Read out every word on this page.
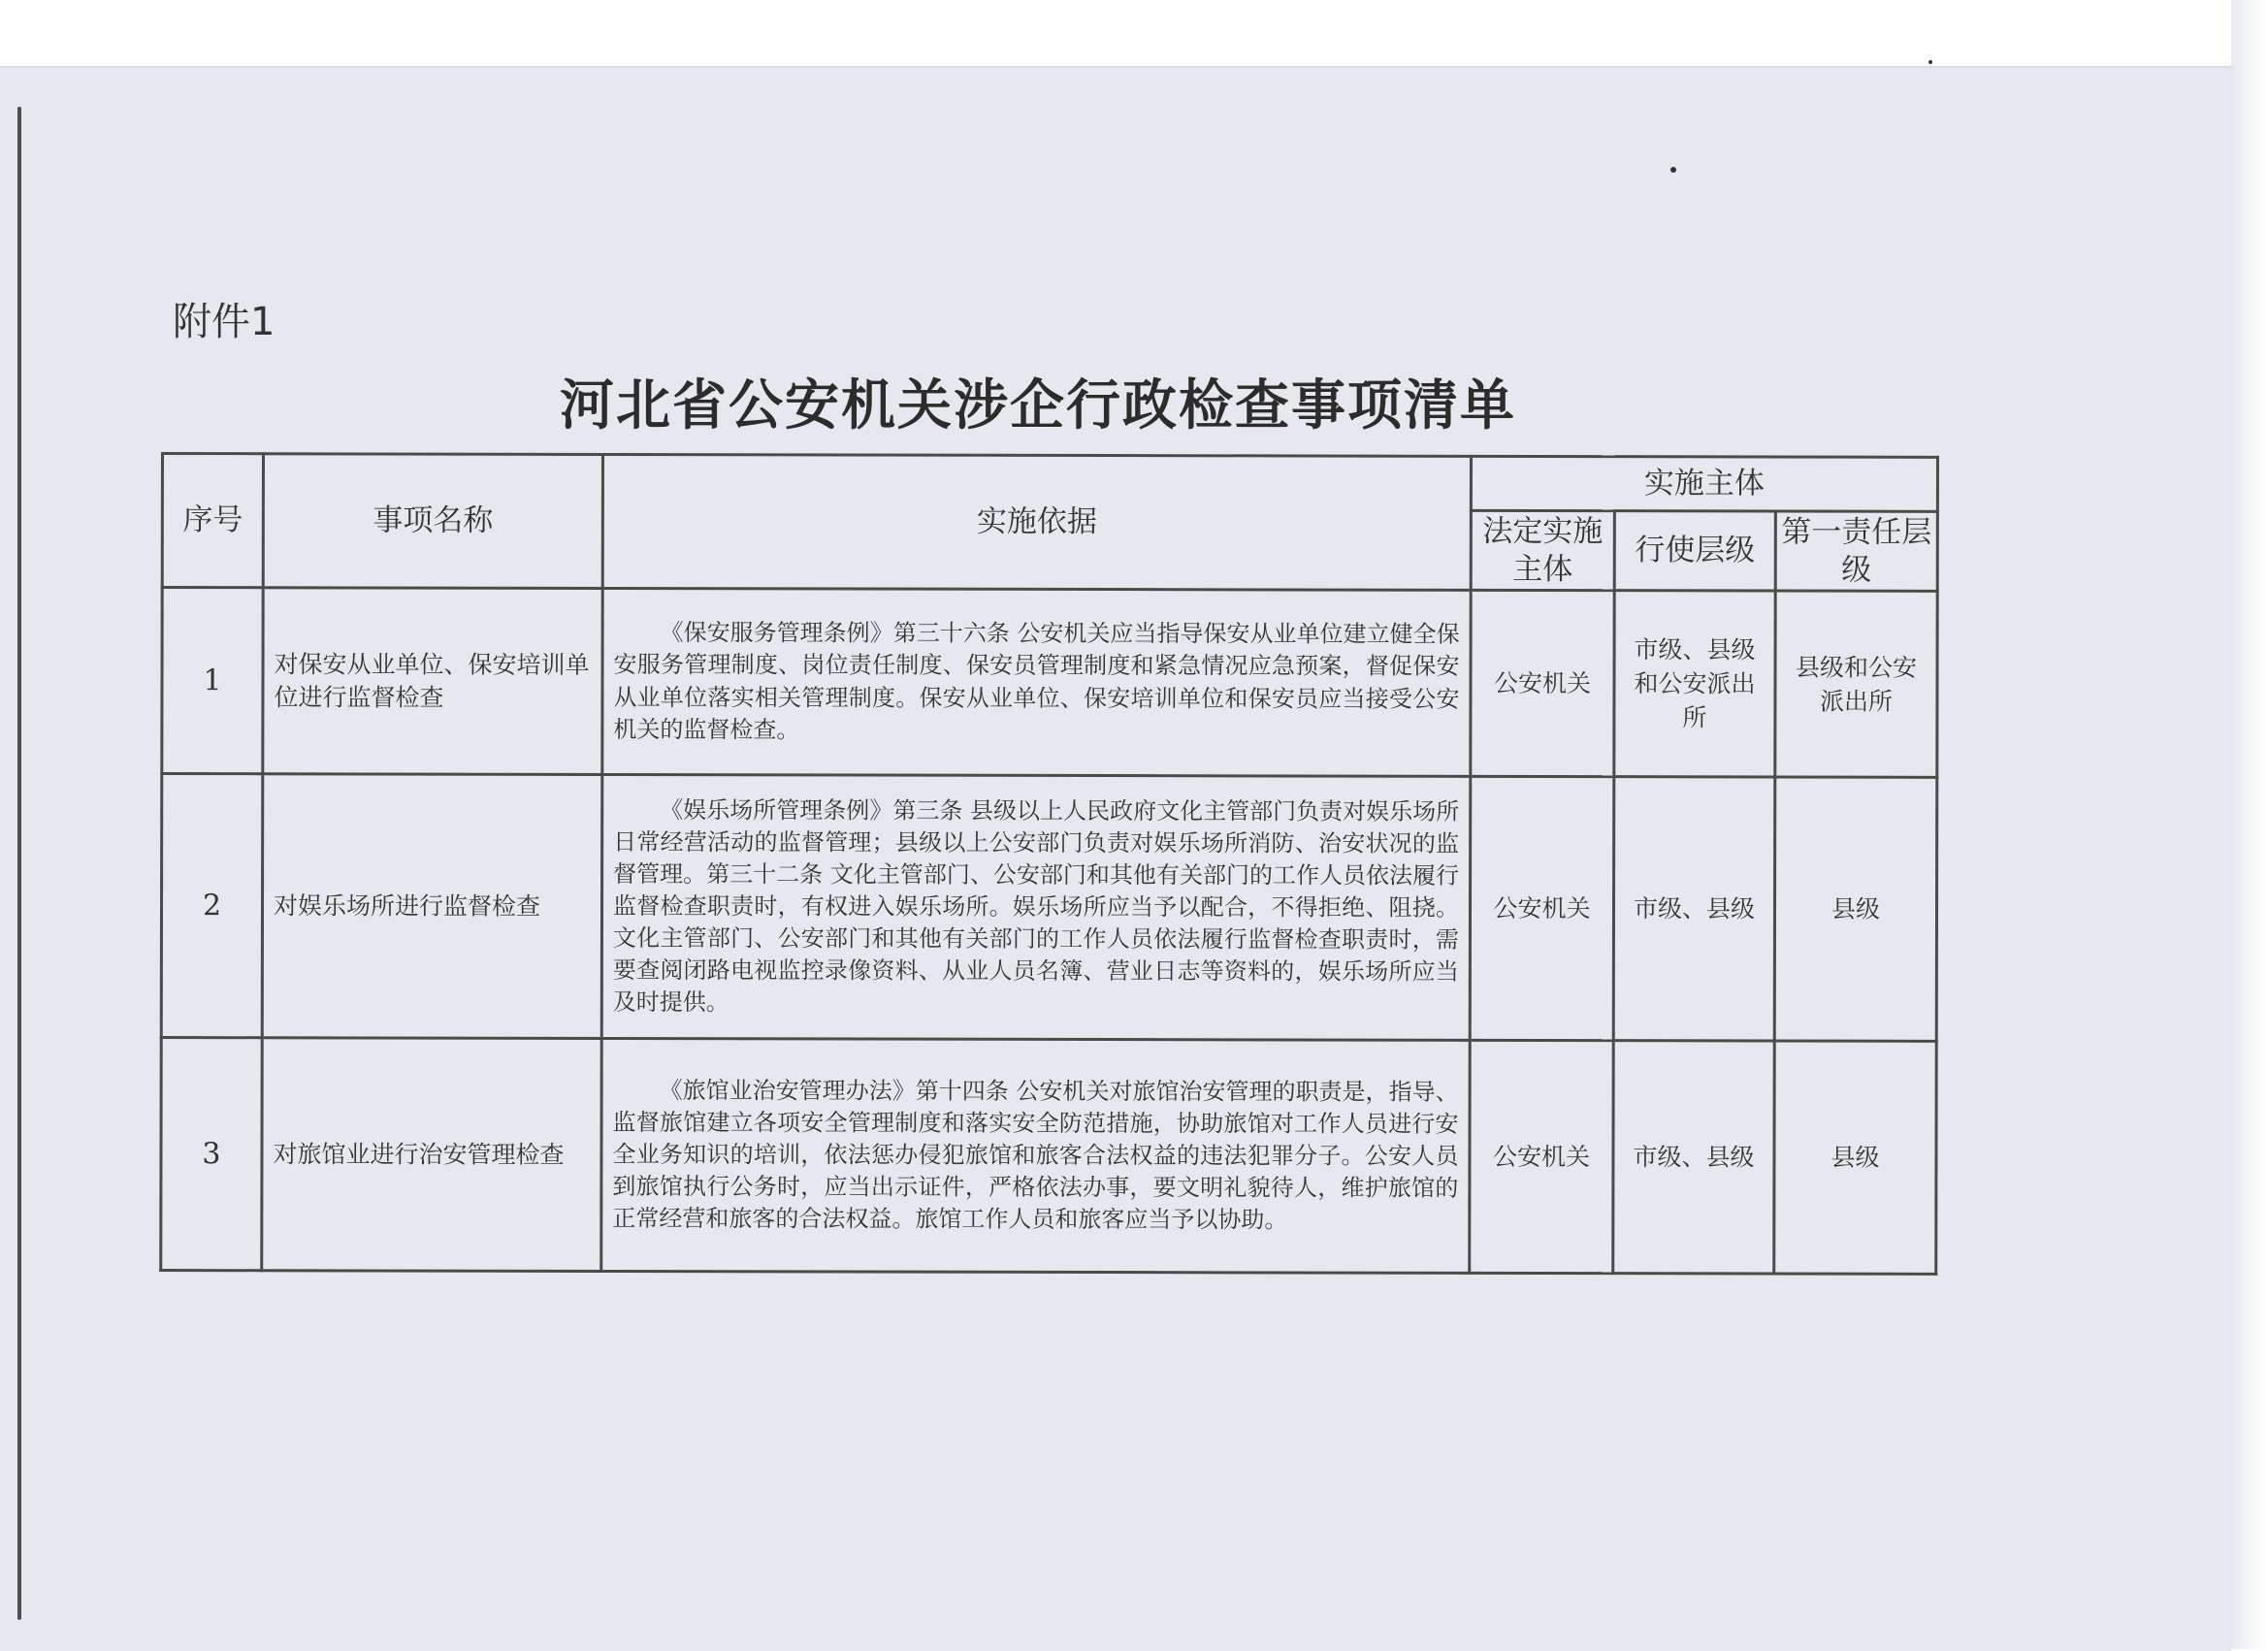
附件1
河北省公安机关涉企行政检查事项清单
序号	事项名称	实施依据	实施主体		
			法定实施主体	行使层级	第一责任层级
1	对保安从业单位、保安培训单位进行监督检查	《保安服务管理条例》第三十六条 公安机关应当指导保安从业单位建立健全保安服务管理制度、岗位责任制度、保安员管理制度和紧急情况应急预案，督促保安从业单位落实相关管理制度。保安从业单位、保安培训单位和保安员应当接受公安机关的监督检查。	公安机关	市级、县级和公安派出所	县级和公安派出所
2	对娱乐场所进行监督检查	《娱乐场所管理条例》第三条 县级以上人民政府文化主管部门负责对娱乐场所日常经营活动的监督管理；县级以上公安部门负责对娱乐场所消防、治安状况的监督管理。第三十二条 文化主管部门、公安部门和其他有关部门的工作人员依法履行监督检查职责时，有权进入娱乐场所。娱乐场所应当予以配合，不得拒绝、阻挠。文化主管部门、公安部门和其他有关部门的工作人员依法履行监督检查职责时，需要查阅闭路电视监控录像资料、从业人员名簿、营业日志等资料的，娱乐场所应当及时提供。	公安机关	市级、县级	县级
3	对旅馆业进行治安管理检查	《旅馆业治安管理办法》第十四条 公安机关对旅馆治安管理的职责是，指导、监督旅馆建立各项安全管理制度和落实安全防范措施，协助旅馆对工作人员进行安全业务知识的培训，依法惩办侵犯旅馆和旅客合法权益的违法犯罪分子。公安人员到旅馆执行公务时，应当出示证件，严格依法办事，要文明礼貌待人，维护旅馆的正常经营和旅客的合法权益。旅馆工作人员和旅客应当予以协助。	公安机关	市级、县级	县级
